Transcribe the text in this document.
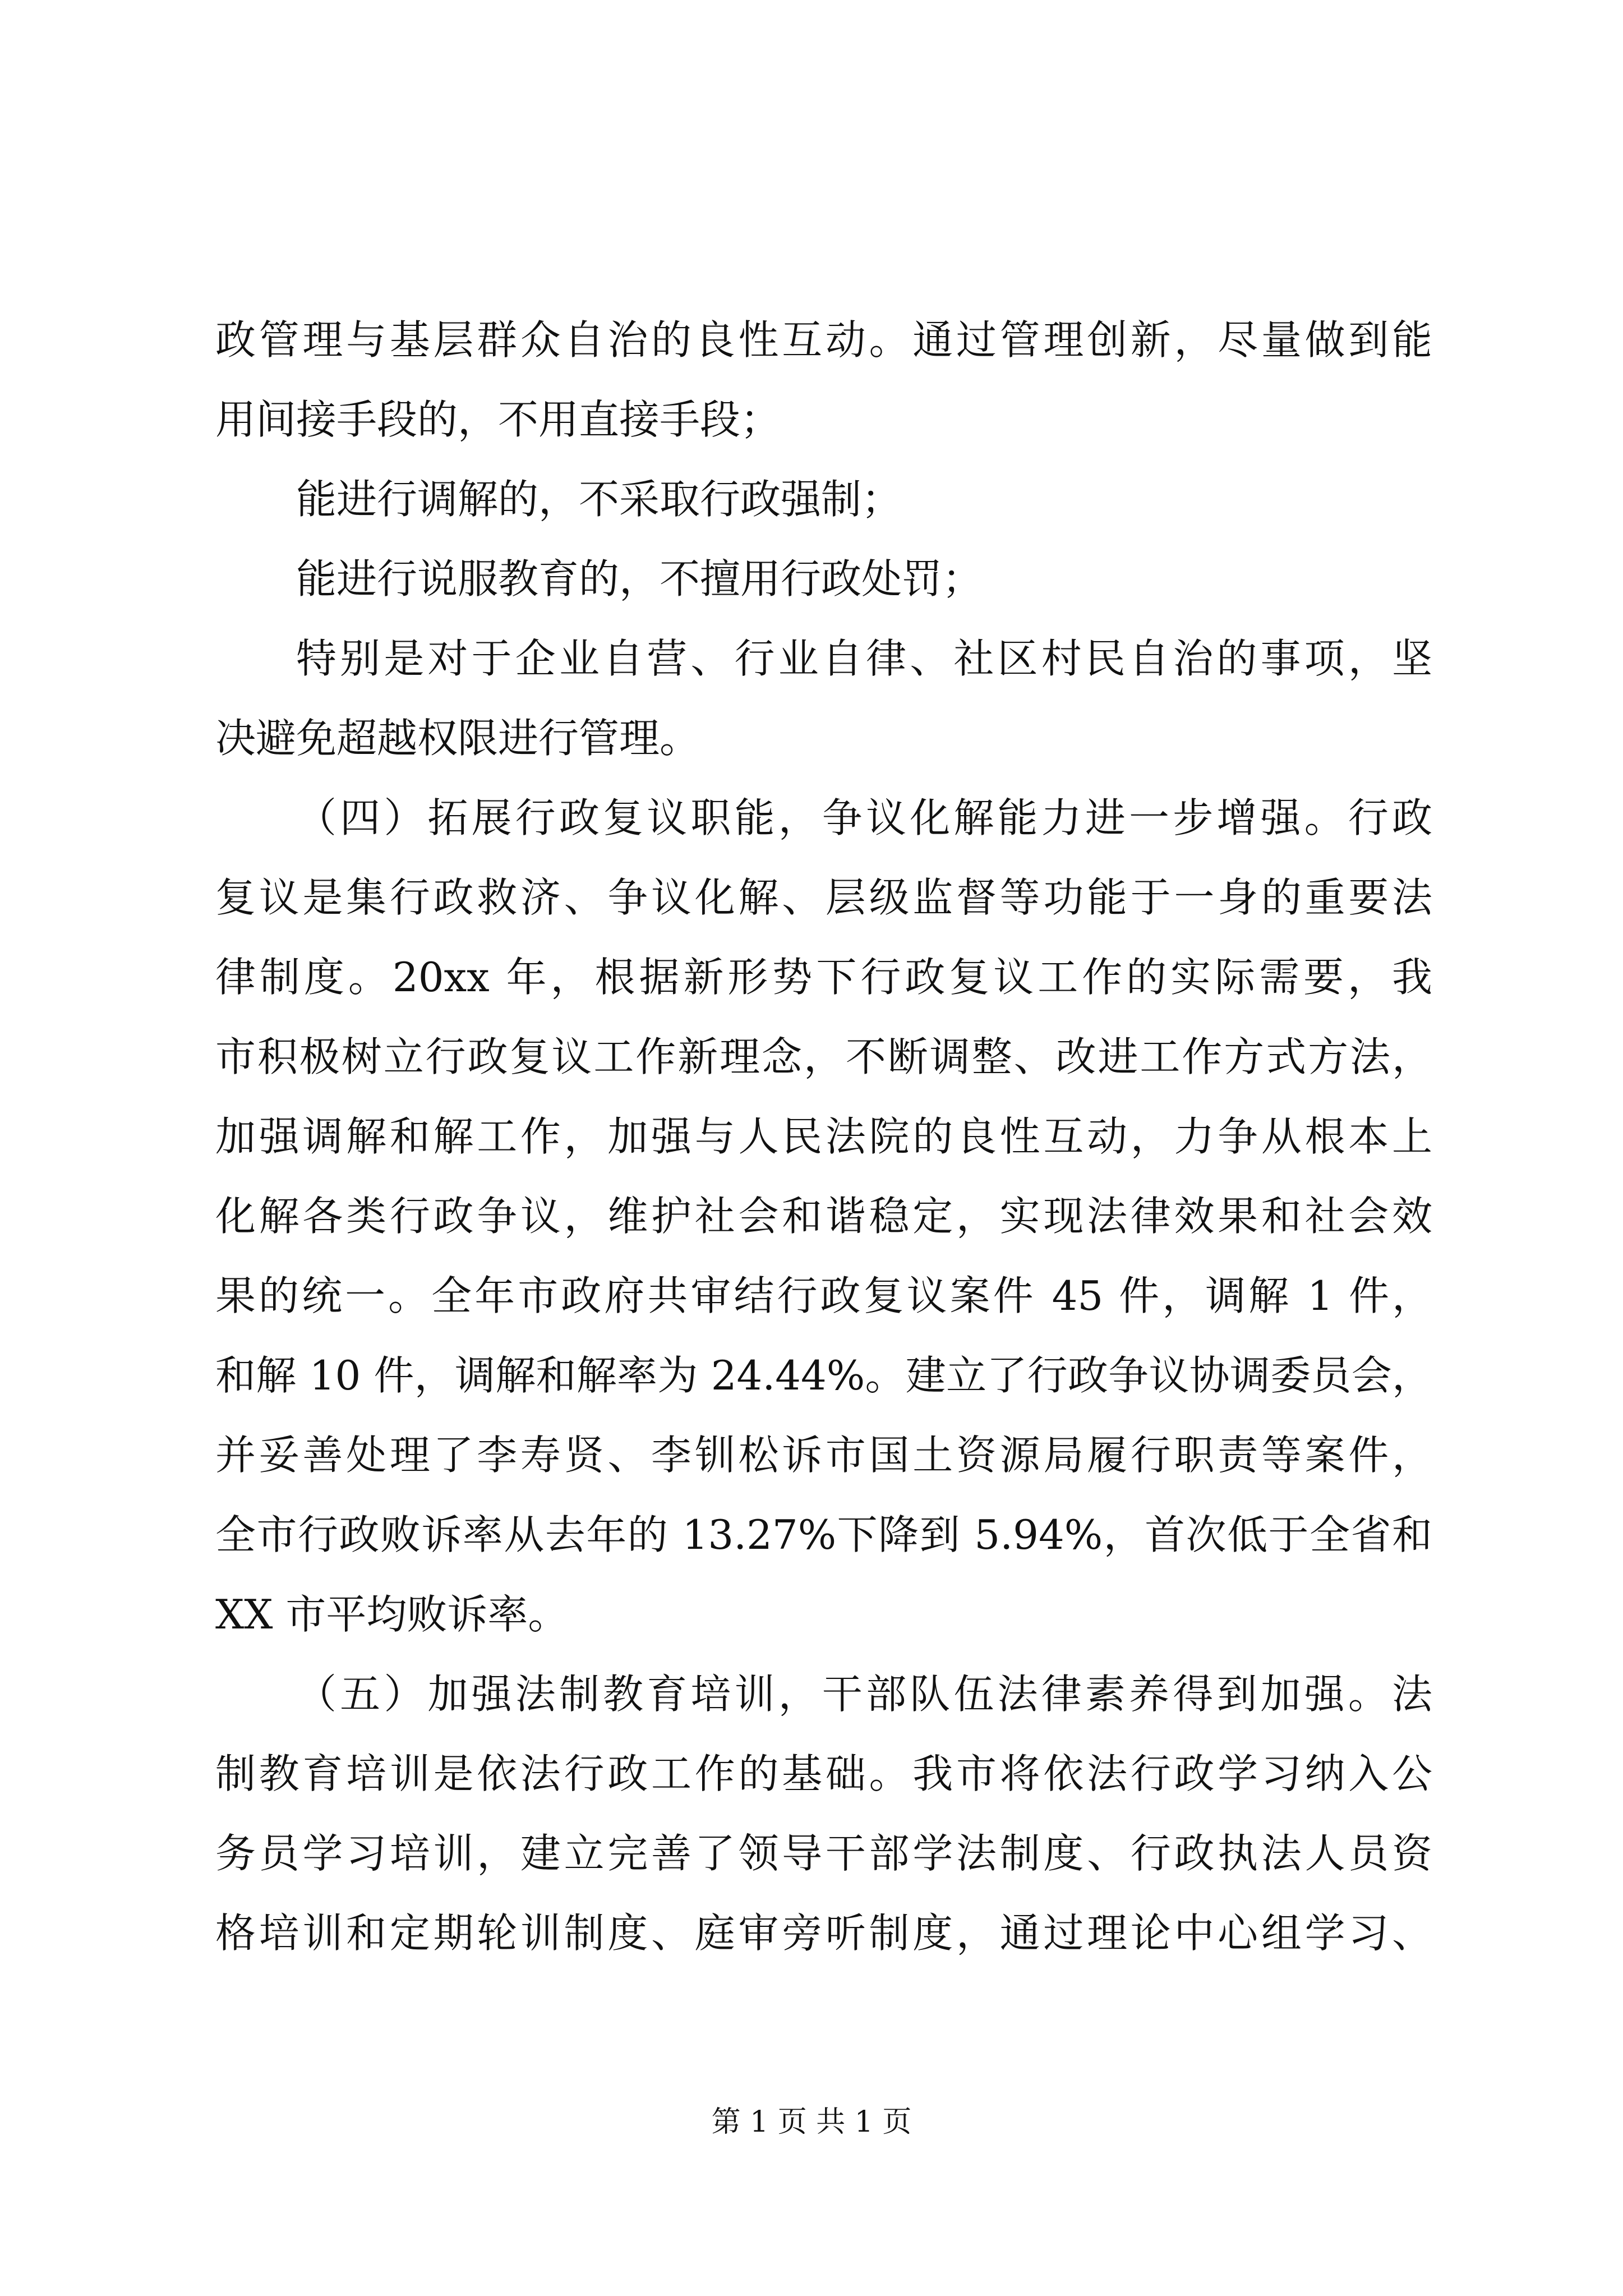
政管理与基层群众自治的良性互动。通过管理创新，尽量做到能
用间接手段的，不用直接手段；
能进行调解的，不采取行政强制；
能进行说服教育的，不擅用行政处罚；
特别是对于企业自营、行业自律、社区村民自治的事项，坚
决避免超越权限进行管理。
（四）拓展行政复议职能，争议化解能力进一步增强。行政
复议是集行政救济、争议化解、层级监督等功能于一身的重要法
律制度。20xx 年，根据新形势下行政复议工作的实际需要，我
市积极树立行政复议工作新理念，不断调整、改进工作方式方法，
加强调解和解工作，加强与人民法院的良性互动，力争从根本上
化解各类行政争议，维护社会和谐稳定，实现法律效果和社会效
果的统一。全年市政府共审结行政复议案件 45 件，调解 1 件，
和解 10 件，调解和解率为 24.44%。建立了行政争议协调委员会，
并妥善处理了李寿贤、李钏松诉市国土资源局履行职责等案件，
全市行政败诉率从去年的 13.27%下降到 5.94%，首次低于全省和
XX 市平均败诉率。
（五）加强法制教育培训，干部队伍法律素养得到加强。法
制教育培训是依法行政工作的基础。我市将依法行政学习纳入公
务员学习培训，建立完善了领导干部学法制度、行政执法人员资
格培训和定期轮训制度、庭审旁听制度，通过理论中心组学习、
第 1 页 共 1 页
